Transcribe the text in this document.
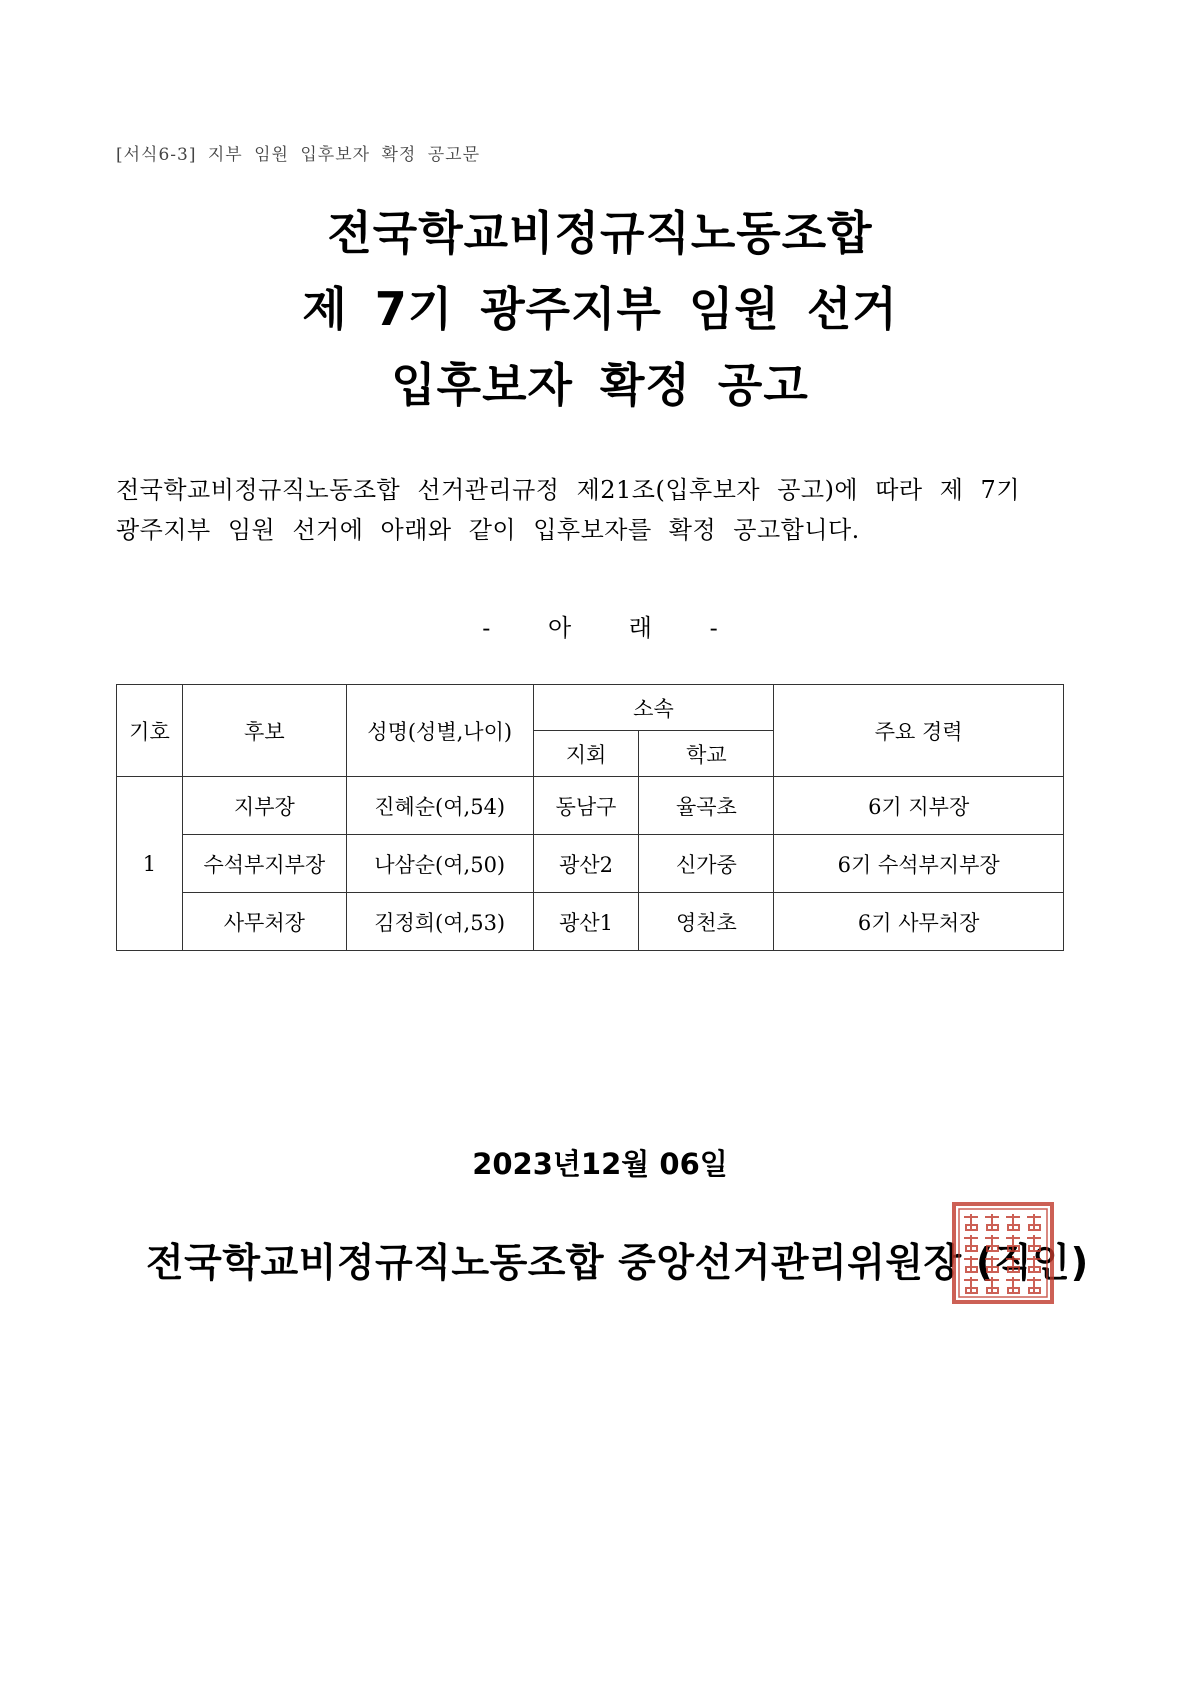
[서식6-3] 지부 임원 입후보자 확정 공고문
전국학교비정규직노동조합
제 7기 광주지부 임원 선거
입후보자 확정 공고
전국학교비정규직노동조합 선거관리규정 제21조(입후보자 공고)에 따라 제 7기
광주지부 임원 선거에 아래와 같이 입후보자를 확정 공고합니다.
- 아 래 -
기호	후보	성명(성별,나이)	소속		주요 경력
			지회	학교	
1	지부장	진혜순(여,54)	동남구	율곡초	6기 지부장
	수석부지부장	나삼순(여,50)	광산2	신가중	6기 수석부지부장
	사무처장	김정희(여,53)	광산1	영천초	6기 사무처장
2023년12월 06일
전국학교비정규직노동조합 중앙선거관리위원장 (직인)
